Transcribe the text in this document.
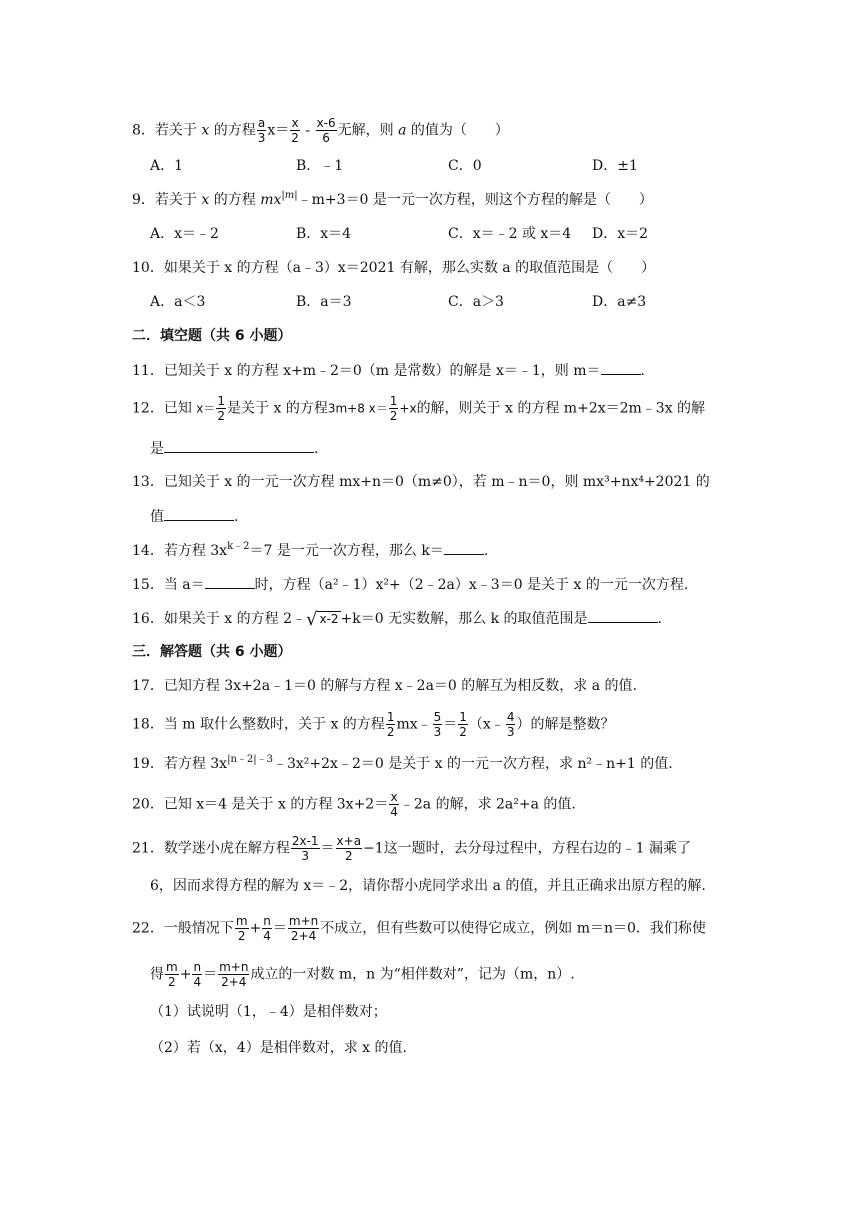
8．若关于 x 的方程 $\frac{a}{3} x= \frac{x}{2} - \frac{x-6}{6}$ 无解，则 a 的值为（　　）
A．1	B．﹣1	C．0	D．±1
9．若关于 x 的方程 $mx^{|m|}﹣m+3=0$ 是一元一次方程，则这个方程的解是（　　）
A．x＝﹣2	B．x＝4	C．x＝﹣2 或 x＝4 D．x＝2
10．如果关于 x 的方程（a﹣3）x＝2021 有解，那么实数 a 的取值范围是（　　）
A．a＜3	B．a＝3	C．a＞3	D．a≠3
二．填空题（共 6 小题）
11．已知关于 x 的方程 x+m﹣2＝0（m 是常数）的解是 x＝﹣1，则 m＝	.
12．已知 $x= \frac{1}{2}$ 是关于 x 的方程3m+8 $x= \frac{1}{2} +x$的解，则关于 x 的方程 m+2x＝2m﹣3x 的解
是	.
13．已知关于 x 的一元一次方程 mx+n＝0（m≠0），若 m﹣n＝0，则 mx³+nx⁴+2021 的
值	.
14．若方程 $3x^{k﹣2}=7$ 是一元一次方程，那么 k＝	.
15．当 a＝	时，方程（a²﹣1）x²+（2﹣2a）x﹣3＝0 是关于 x 的一元一次方程.
16．如果关于 x 的方程 2﹣√ x-2 +k＝0 无实数解，那么 k 的取值范围是	.
三．解答题（共 6 小题）
17．已知方程 3x+2a﹣1＝0 的解与方程 x﹣2a＝0 的解互为相反数，求 a 的值.
18．当 m 取什么整数时，关于 x 的方程 $\frac{1}{2}$ mx﹣ $\frac{5}{3} = \frac{1}{2}$ （x﹣ $\frac{4}{3}$ ）的解是整数？
19．若方程 $3x^{|n﹣2|﹣3}﹣3x^2+2x﹣2=0$ 是关于 x 的一元一次方程，求 n²﹣n+1 的值.
20．已知 x＝4 是关于 x 的方程 $3x+2= \frac{x}{4}$ ﹣2a 的解，求 2a²+a 的值.
21．数学迷小虎在解方程 $\frac{2x-1}{3} = \frac{x+a}{2} -1$这一题时，去分母过程中，方程右边的﹣1 漏乘了
6，因而求得方程的解为 x＝﹣2，请你帮小虎同学求出 a 的值，并且正确求出原方程的解.
22．一般情况下 $\frac{m}{2} + \frac{n}{4} = \frac{m+n}{2+4}$ 不成立，但有些数可以使得它成立，例如 m＝n＝0．我们称使
得 $\frac{m}{2} + \frac{n}{4} = \frac{m+n}{2+4}$ 成立的一对数 m，n 为“相伴数对”，记为（m，n）.
（1）试说明（1，﹣4）是相伴数对；
（2）若（x，4）是相伴数对，求 x 的值.
